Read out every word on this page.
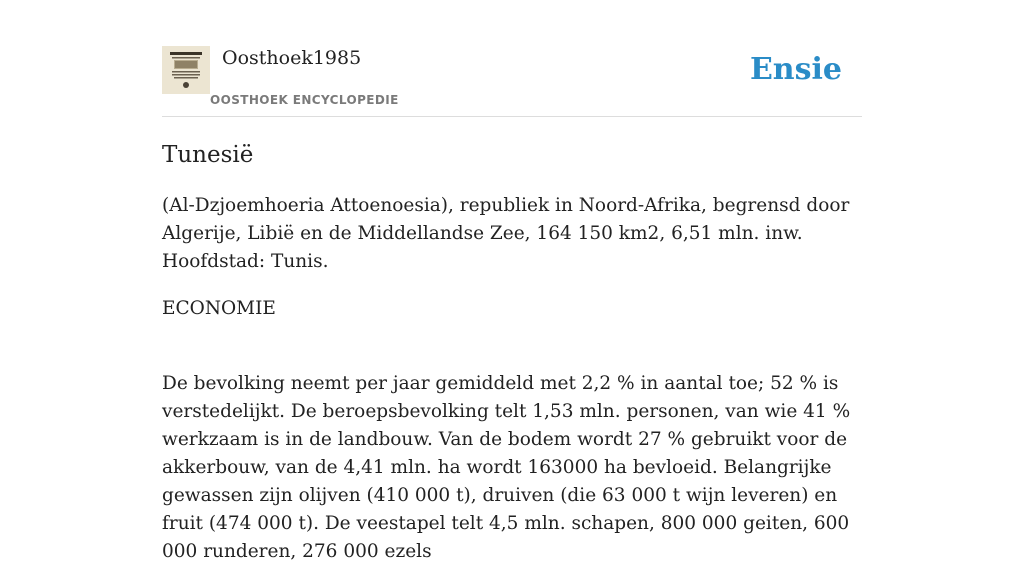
Oosthoek1985
OOSTHOEK ENCYCLOPEDIE
Ensie
Tunesië

(Al-Dzjoemhoeria Attoenoesia), republiek in Noord-Afrika, begrensd door Algerije, Libië en de Middellandse Zee, 164 150 km2, 6,51 mln. inw. Hoofdstad: Tunis.

ECONOMIE

De bevolking neemt per jaar gemiddeld met 2,2 % in aantal toe; 52 % is verstedelijkt. De beroepsbevolking telt 1,53 mln. personen, van wie 41 % werkzaam is in de landbouw. Van de bodem wordt 27 % gebruikt voor de akkerbouw, van de 4,41 mln. ha wordt 163000 ha bevloeid. Belangrijke gewassen zijn olijven (410 000 t), druiven (die 63 000 t wijn leveren) en fruit (474 000 t). De veestapel telt 4,5 mln. schapen, 800 000 geiten, 600 000 runderen, 276 000 ezels
